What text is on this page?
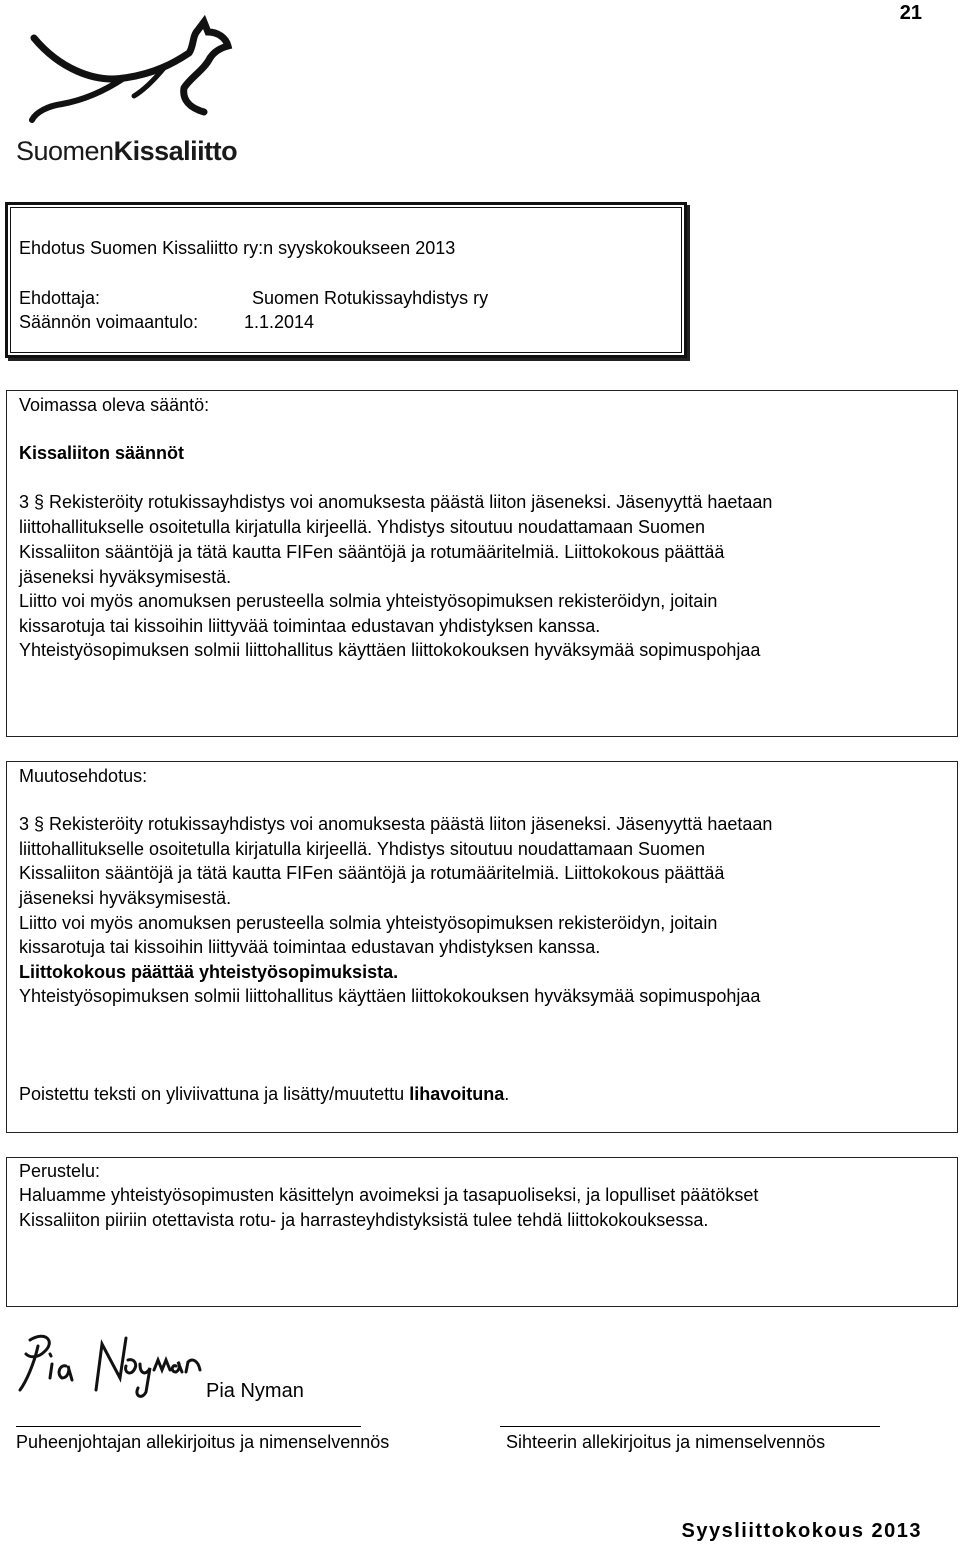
21
SuomenKissaliitto
Ehdotus Suomen Kissaliitto ry:n syyskokoukseen 2013
Ehdottaja:	Suomen Rotukissayhdistys ry
Säännön voimaantulo:	1.1.2014
Voimassa oleva sääntö:
Kissaliiton säännöt
3 § Rekisteröity rotukissayhdistys voi anomuksesta päästä liiton jäseneksi. Jäsenyyttä haetaan
liittohallitukselle osoitetulla kirjatulla kirjeellä. Yhdistys sitoutuu noudattamaan Suomen
Kissaliiton sääntöjä ja tätä kautta FIFen sääntöjä ja rotumääritelmiä. Liittokokous päättää
jäseneksi hyväksymisestä.
Liitto voi myös anomuksen perusteella solmia yhteistyösopimuksen rekisteröidyn, joitain
kissarotuja tai kissoihin liittyvää toimintaa edustavan yhdistyksen kanssa.
Yhteistyösopimuksen solmii liittohallitus käyttäen liittokokouksen hyväksymää sopimuspohjaa
Muutosehdotus:
3 § Rekisteröity rotukissayhdistys voi anomuksesta päästä liiton jäseneksi. Jäsenyyttä haetaan
liittohallitukselle osoitetulla kirjatulla kirjeellä. Yhdistys sitoutuu noudattamaan Suomen
Kissaliiton sääntöjä ja tätä kautta FIFen sääntöjä ja rotumääritelmiä. Liittokokous päättää
jäseneksi hyväksymisestä.
Liitto voi myös anomuksen perusteella solmia yhteistyösopimuksen rekisteröidyn, joitain
kissarotuja tai kissoihin liittyvää toimintaa edustavan yhdistyksen kanssa.
Liittokokous päättää yhteistyösopimuksista.
Yhteistyösopimuksen solmii liittohallitus käyttäen liittokokouksen hyväksymää sopimuspohjaa
Poistettu teksti on yliviivattuna ja lisätty/muutettu lihavoituna.
Perustelu:
Haluamme yhteistyösopimusten käsittelyn avoimeksi ja tasapuoliseksi, ja lopulliset päätökset
Kissaliiton piiriin otettavista rotu- ja harrasteyhdistyksistä tulee tehdä liittokokouksessa.
Pia Nyman
Puheenjohtajan allekirjoitus ja nimenselvennös	Sihteerin allekirjoitus ja nimenselvennös
Syysliittokokous 2013
